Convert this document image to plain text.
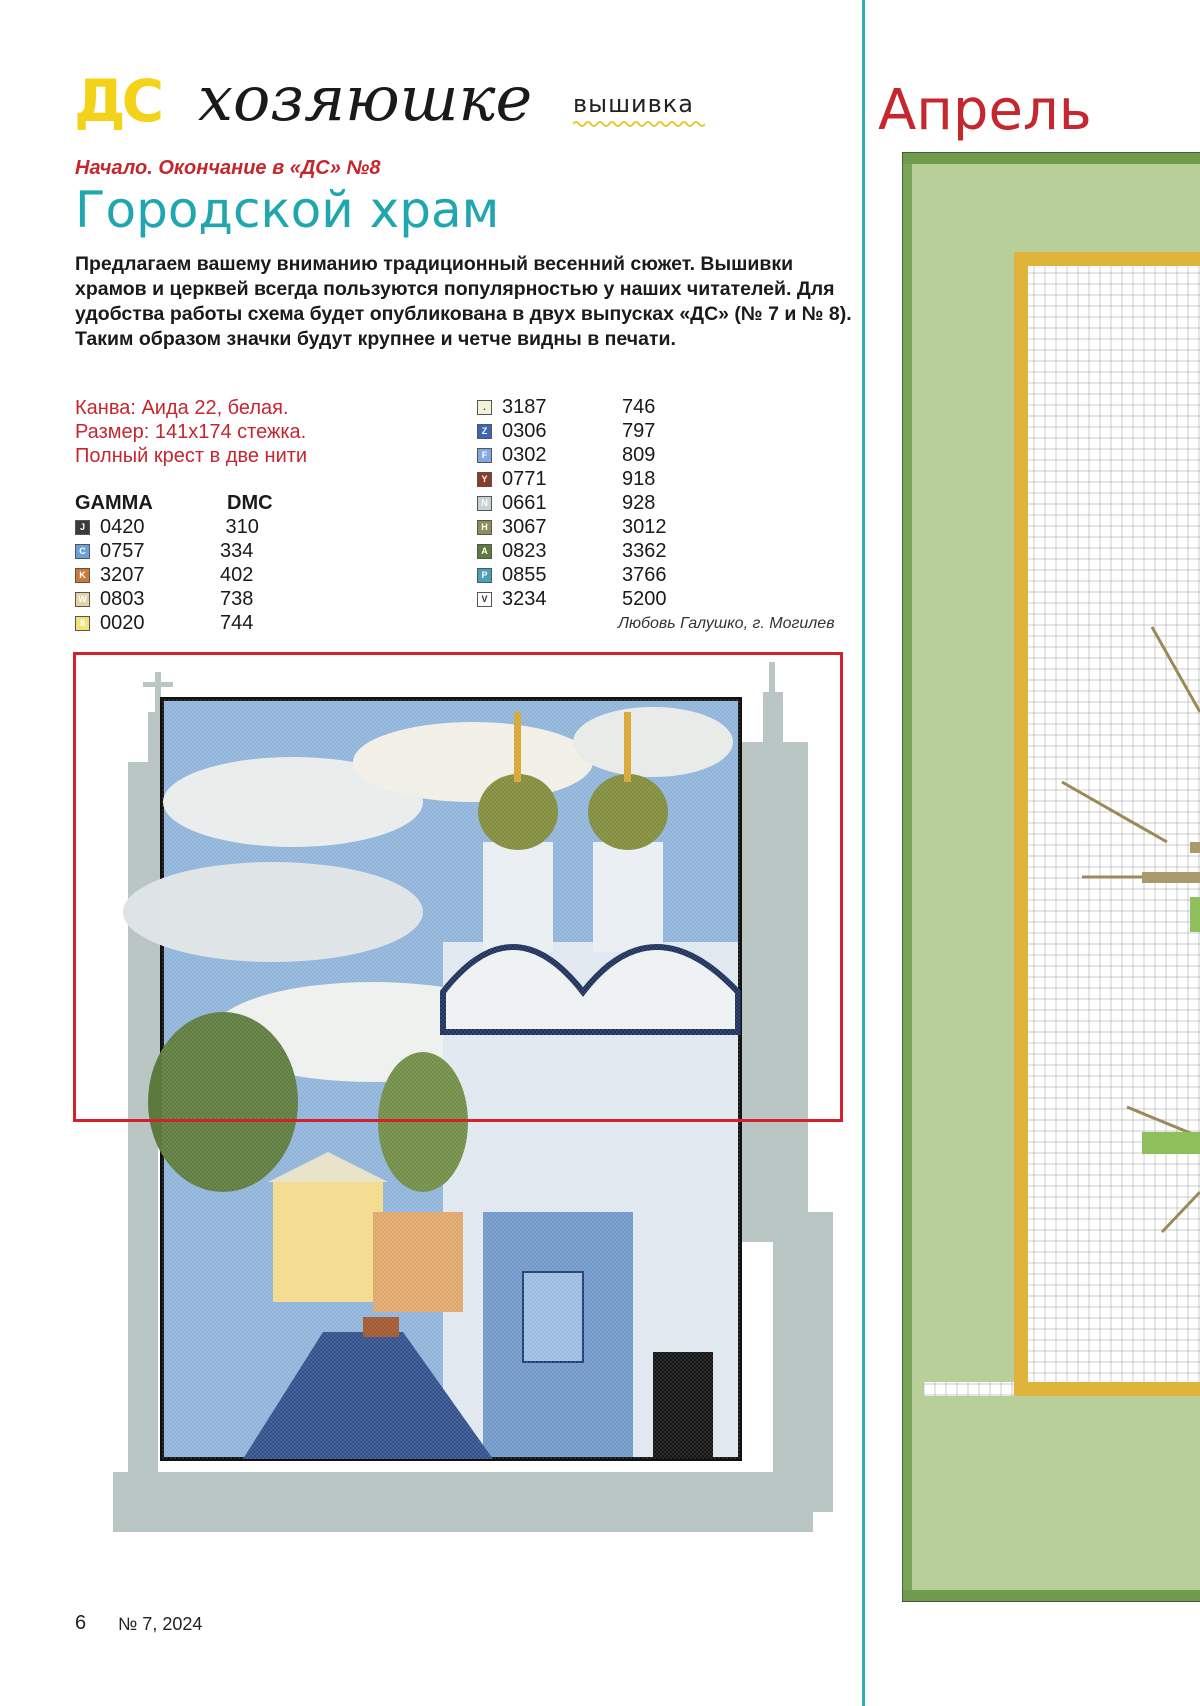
ДС хозяюшке вышивка
Начало. Окончание в «ДС» №8
Городской храм
Предлагаем вашему вниманию традиционный весенний сюжет. Вышивки храмов и церквей всегда пользуются популярностью у наших читателей. Для удобства работы схема будет опубликована в двух выпусках «ДС» (№ 7 и № 8). Таким образом значки будут крупнее и четче видны в печати.
Канва: Аида 22, белая.
Размер: 141x174 стежка.
Полный крест в две нити
GAMMA	DMC
J 0420	310
C 0757	334
K 3207	402
W 0803	738
8 0020	744
. 3187	746
Z 0306	797
F 0302	809
Y 0771	918
N 0661	928
H 3067	3012
A 0823	3362
P 0855	3766
V 3234	5200
Любовь Галушко, г. Могилев
6 № 7, 2024
Апрель
